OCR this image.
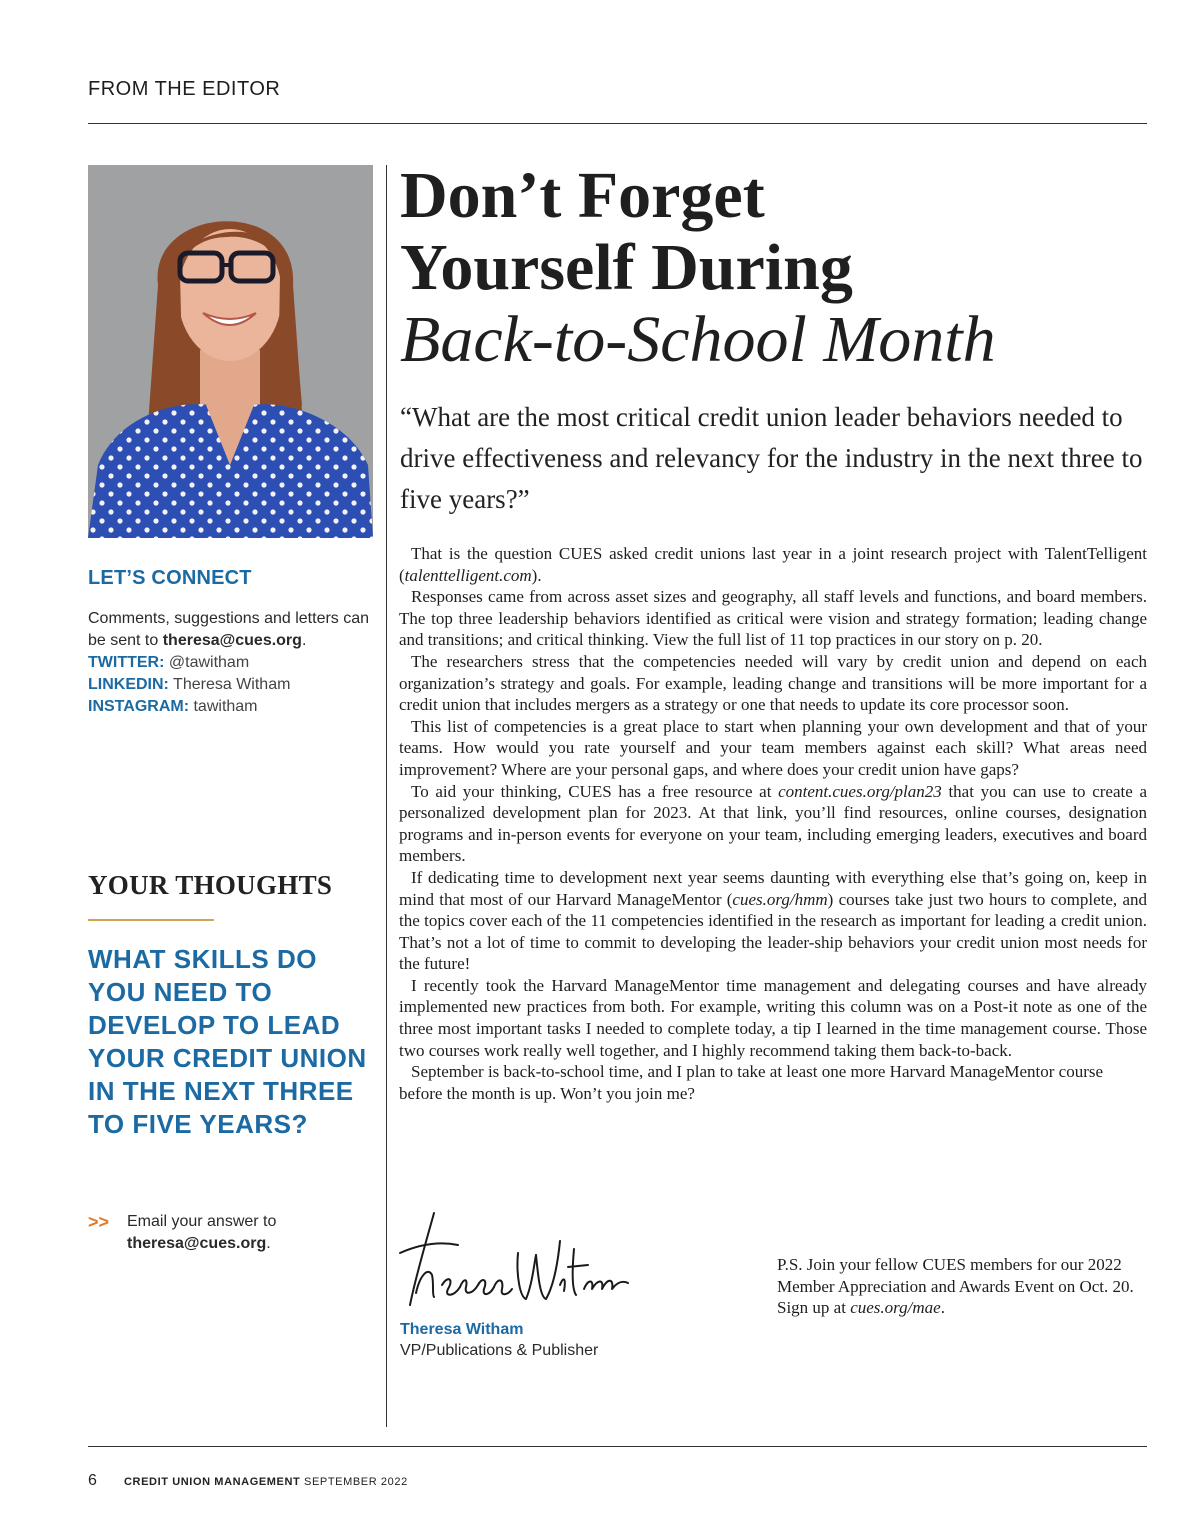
FROM THE EDITOR
LET’S CONNECT
Comments, suggestions and letters can be sent to theresa@cues.org.
TWITTER: @tawitham
LINKEDIN: Theresa Witham
INSTAGRAM: tawitham
YOUR THOUGHTS
WHAT SKILLS DO YOU NEED TO DEVELOP TO LEAD YOUR CREDIT UNION IN THE NEXT THREE TO FIVE YEARS?
>> Email your answer to
theresa@cues.org.
Don’t Forget
Yourself During
Back-to-School Month
“What are the most critical credit union leader behaviors needed to drive effectiveness and relevancy for the industry in the next three to five years?”

That is the question CUES asked credit unions last year in a joint research project with TalentTelligent (talenttelligent.com).

Responses came from across asset sizes and geography, all staff levels and functions, and board members. The top three leadership behaviors identified as critical were vision and strategy formation; leading change and transitions; and critical thinking. View the full list of 11 top practices in our story on p. 20.

The researchers stress that the competencies needed will vary by credit union and depend on each organization’s strategy and goals. For example, leading change and transitions will be more important for a credit union that includes mergers as a strategy or one that needs to update its core processor soon.

This list of competencies is a great place to start when planning your own development and that of your teams. How would you rate yourself and your team members against each skill? What areas need improvement? Where are your personal gaps, and where does your credit union have gaps?

To aid your thinking, CUES has a free resource at content.cues.org/plan23 that you can use to create a personalized development plan for 2023. At that link, you’ll find resources, online courses, designation programs and in-person events for everyone on your team, including emerging leaders, executives and board members.

If dedicating time to development next year seems daunting with everything else that’s going on, keep in mind that most of our Harvard ManageMentor (cues.org/hmm) courses take just two hours to complete, and the topics cover each of the 11 competencies identified in the research as important for leading a credit union. That’s not a lot of time to commit to developing the leader-ship behaviors your credit union most needs for the future!

I recently took the Harvard ManageMentor time management and delegating courses and have already implemented new practices from both. For example, writing this column was on a Post-it note as one of the three most important tasks I needed to complete today, a tip I learned in the time management course. Those two courses work really well together, and I highly recommend taking them back-to-back.

September is back-to-school time, and I plan to take at least one more Harvard ManageMentor course before the month is up. Won’t you join me?

Theresa Witham
VP/Publications & Publisher
P.S. Join your fellow CUES members for our 2022 Member Appreciation and Awards Event on Oct. 20. Sign up at cues.org/mae.
6 CREDIT UNION MANAGEMENT SEPTEMBER 2022
